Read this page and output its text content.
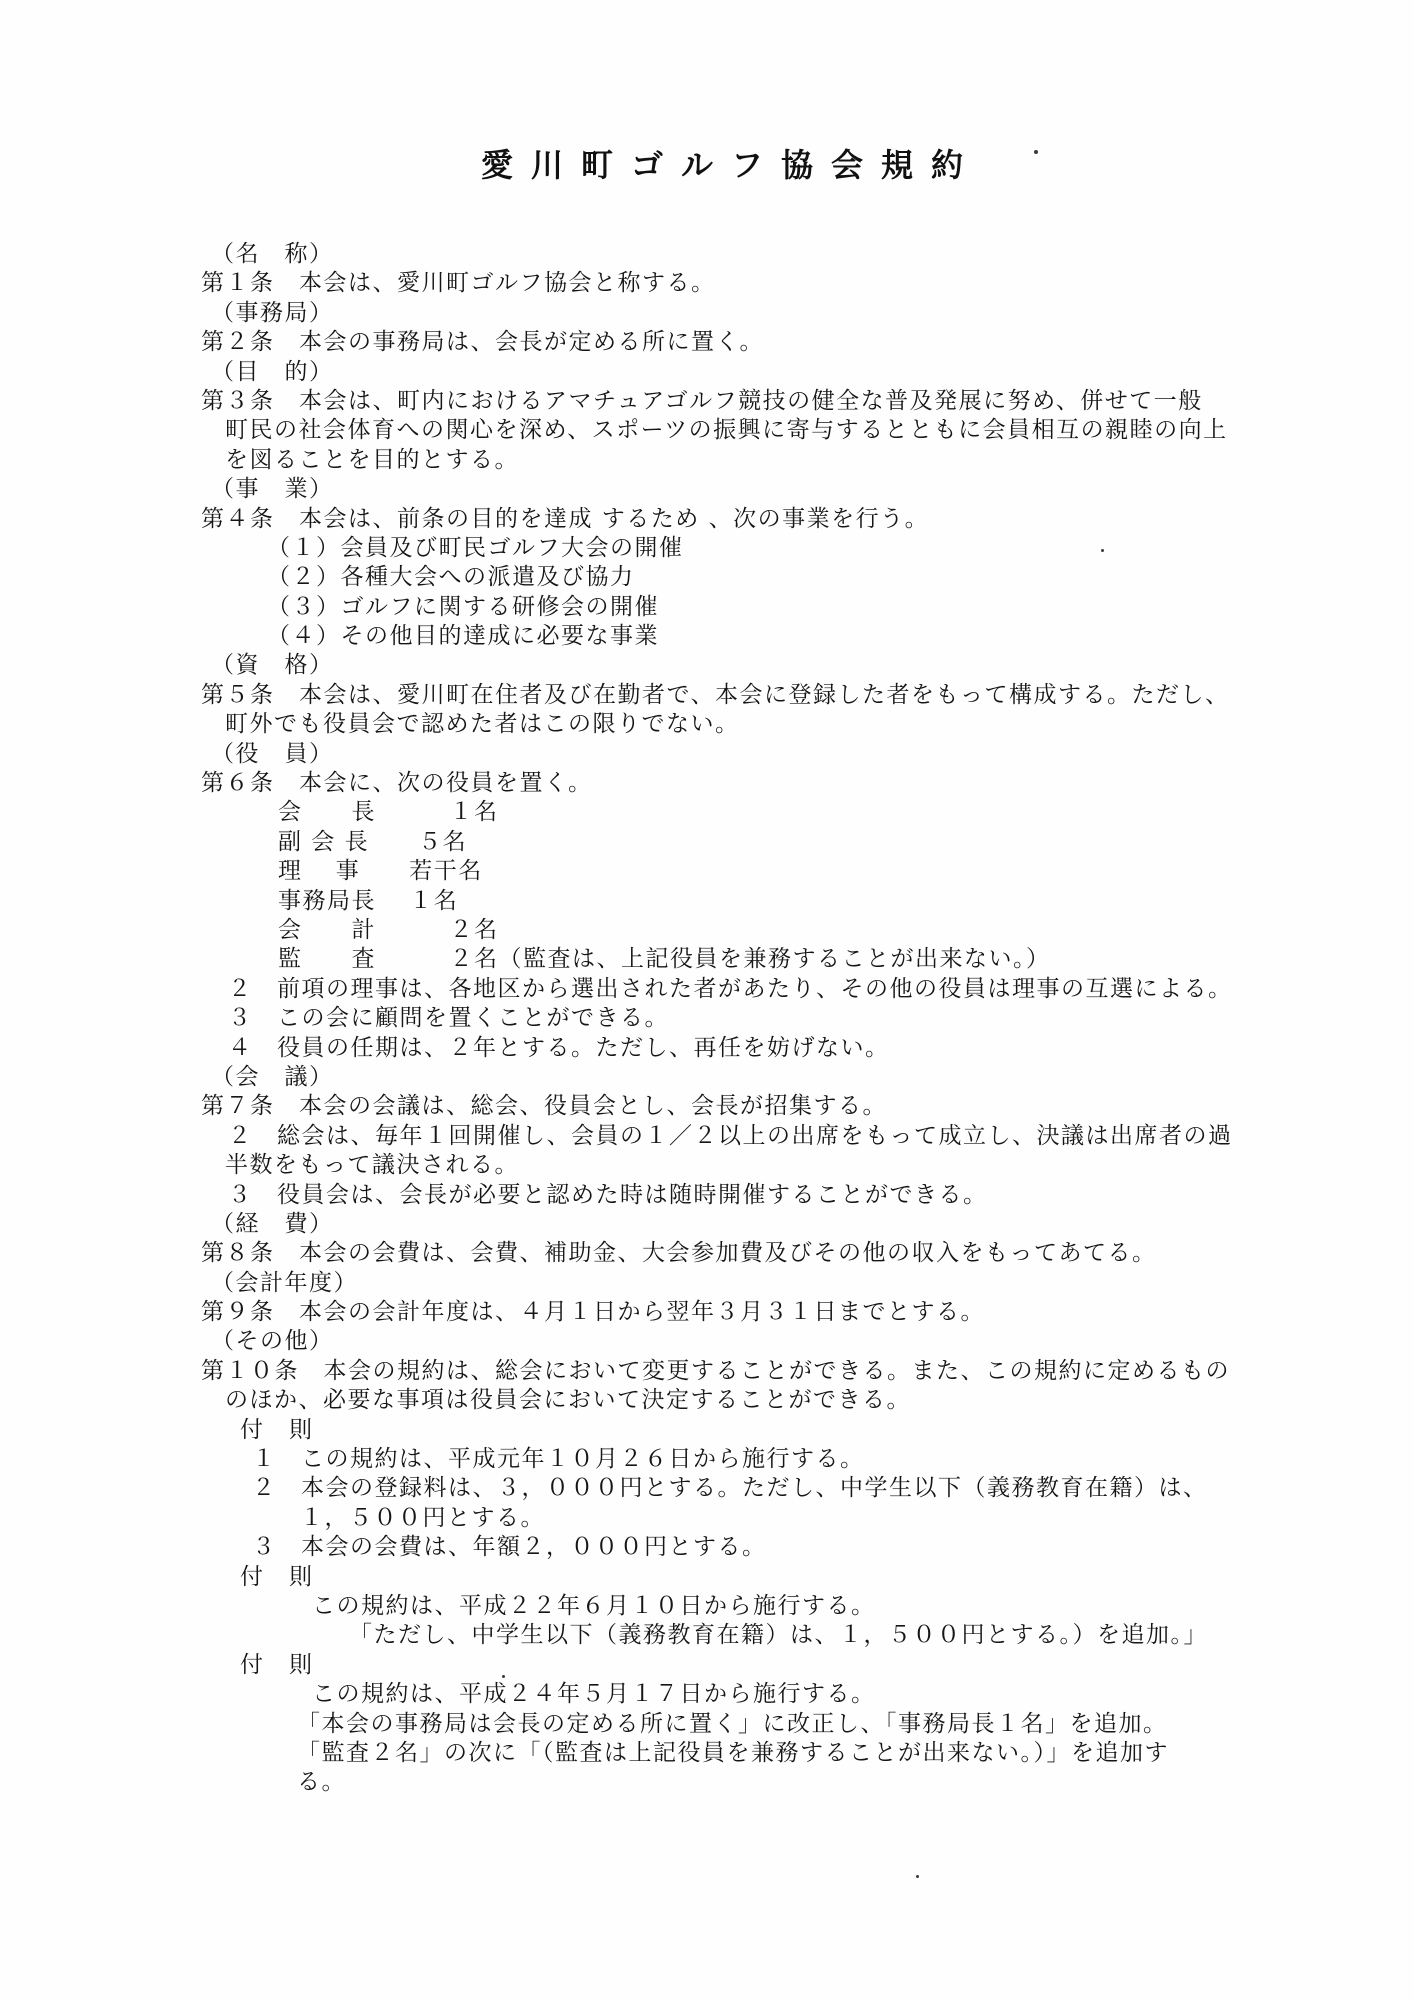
愛川町ゴルフ協会規約
（名　称）
第１条　本会は、愛川町ゴルフ協会と称する。
（事務局）
第２条　本会の事務局は、会長が定める所に置く。
（目　的）
第３条　本会は、町内におけるアマチュアゴルフ競技の健全な普及発展に努め、併せて一般
町民の社会体育への関心を深め、スポーツの振興に寄与するとともに会員相互の親睦の向上
を図ることを目的とする。
（事　業）
第４条　本会は、前条の目的を達成 するため 、次の事業を行う。
（１）会員及び町民ゴルフ大会の開催
（２）各種大会への派遣及び協力
（３）ゴルフに関する研修会の開催
（４）その他目的達成に必要な事業
（資　格）
第５条　本会は、愛川町在住者及び在勤者で、本会に登録した者をもって構成する。ただし、
町外でも役員会で認めた者はこの限りでない。
（役　員）
第６条　本会に、次の役員を置く。
会　　長　　　１名
副 会 長　　５名
理　 事　　若干名
事務局長　 １名
会　　計　　　２名
監　　査　　　２名（監査は、上記役員を兼務することが出来ない。）
２　前項の理事は、各地区から選出された者があたり、その他の役員は理事の互選による。
３　この会に顧問を置くことができる。
４　役員の任期は、２年とする。ただし、再任を妨げない。
（会　議）
第７条　本会の会議は、総会、役員会とし、会長が招集する。
２　総会は、毎年１回開催し、会員の１／２以上の出席をもって成立し、決議は出席者の過
半数をもって議決される。
３　役員会は、会長が必要と認めた時は随時開催することができる。
（経　費）
第８条　本会の会費は、会費、補助金、大会参加費及びその他の収入をもってあてる。
（会計年度）
第９条　本会の会計年度は、４月１日から翌年３月３１日までとする。
（その他）
第１０条　本会の規約は、総会において変更することができる。また、この規約に定めるもの
のほか、必要な事項は役員会において決定することができる。
付　則
１　この規約は、平成元年１０月２６日から施行する。
２　本会の登録料は、３，０００円とする。ただし、中学生以下（義務教育在籍）は、
１，５００円とする。
３　本会の会費は、年額２，０００円とする。
付　則
この規約は、平成２２年６月１０日から施行する。
「ただし、中学生以下（義務教育在籍）は、１，５００円とする。）を追加。」
付　則
この規約は、平成２４年５月１７日から施行する。
「本会の事務局は会長の定める所に置く」に改正し、「事務局長１名」を追加。
「監査２名」の次に「（監査は上記役員を兼務することが出来ない。）」を追加す
る。
